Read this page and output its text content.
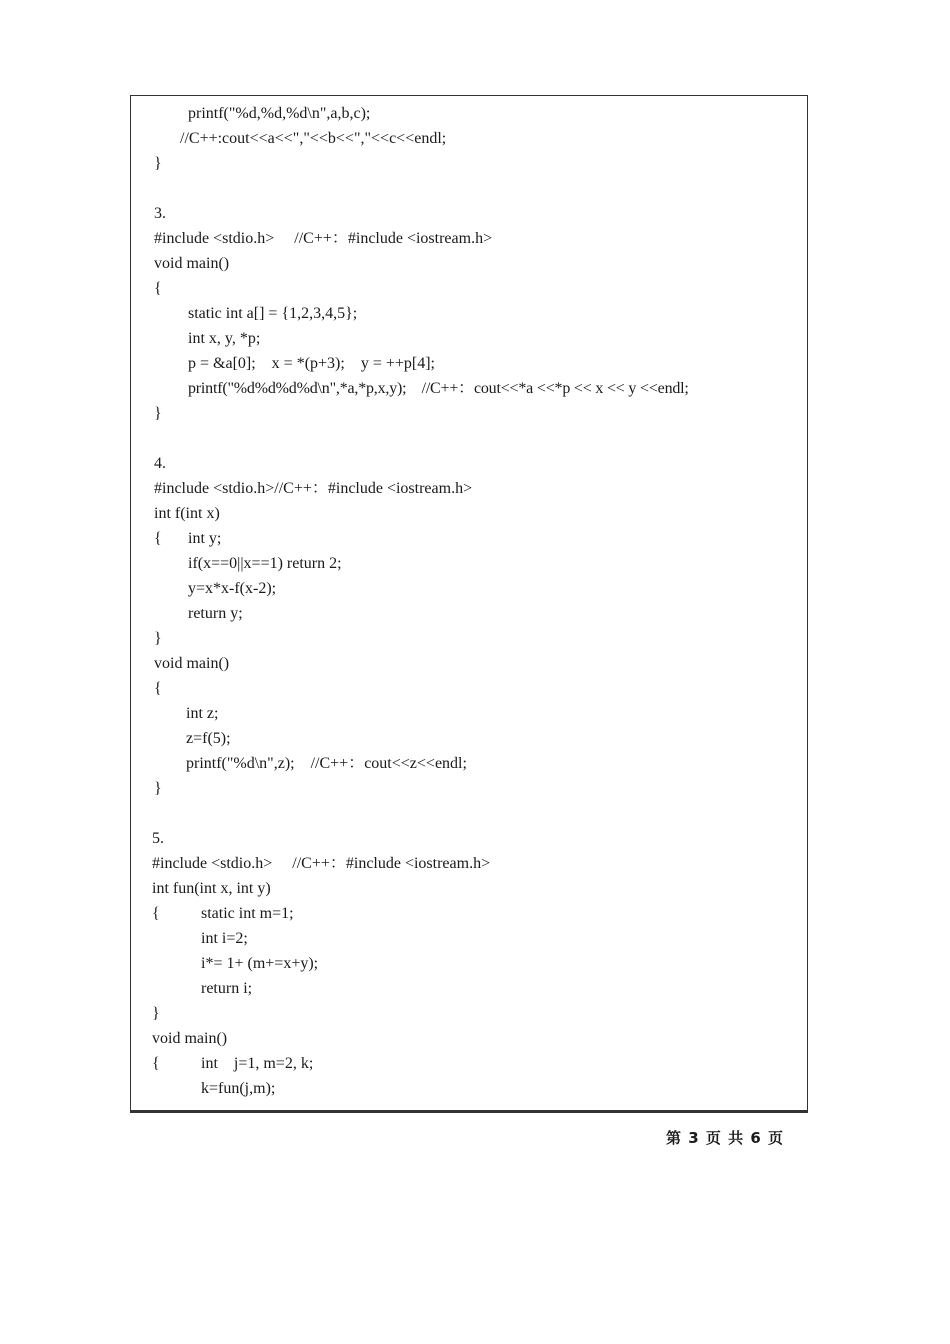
printf("%d,%d,%d\n",a,b,c);
//C++:cout<<a<<","<<b<<","<<c<<endl;
}
3.
#include <stdio.h>     //C++：#include <iostream.h>
void main()
{
static int a[] = {1,2,3,4,5};
int x, y, *p;
p = &a[0];    x = *(p+3);    y = ++p[4];
printf("%d%d%d%d\n",*a,*p,x,y);    //C++：cout<<*a <<*p << x << y <<endl;
}
4.
#include <stdio.h>//C++：#include <iostream.h>
int f(int x)
{ int y;
if(x==0||x==1) return 2;
y=x*x-f(x-2);
return y;
}
void main()
{
int z;
z=f(5);
printf("%d\n",z);    //C++：cout<<z<<endl;
}
5.
#include <stdio.h>     //C++：#include <iostream.h>
int fun(int x, int y)
{	static int m=1;
int i=2;
i*= 1+ (m+=x+y);
return i;
}
void main()
{	int    j=1, m=2, k;
k=fun(j,m);
第 3 页 共 6 页
